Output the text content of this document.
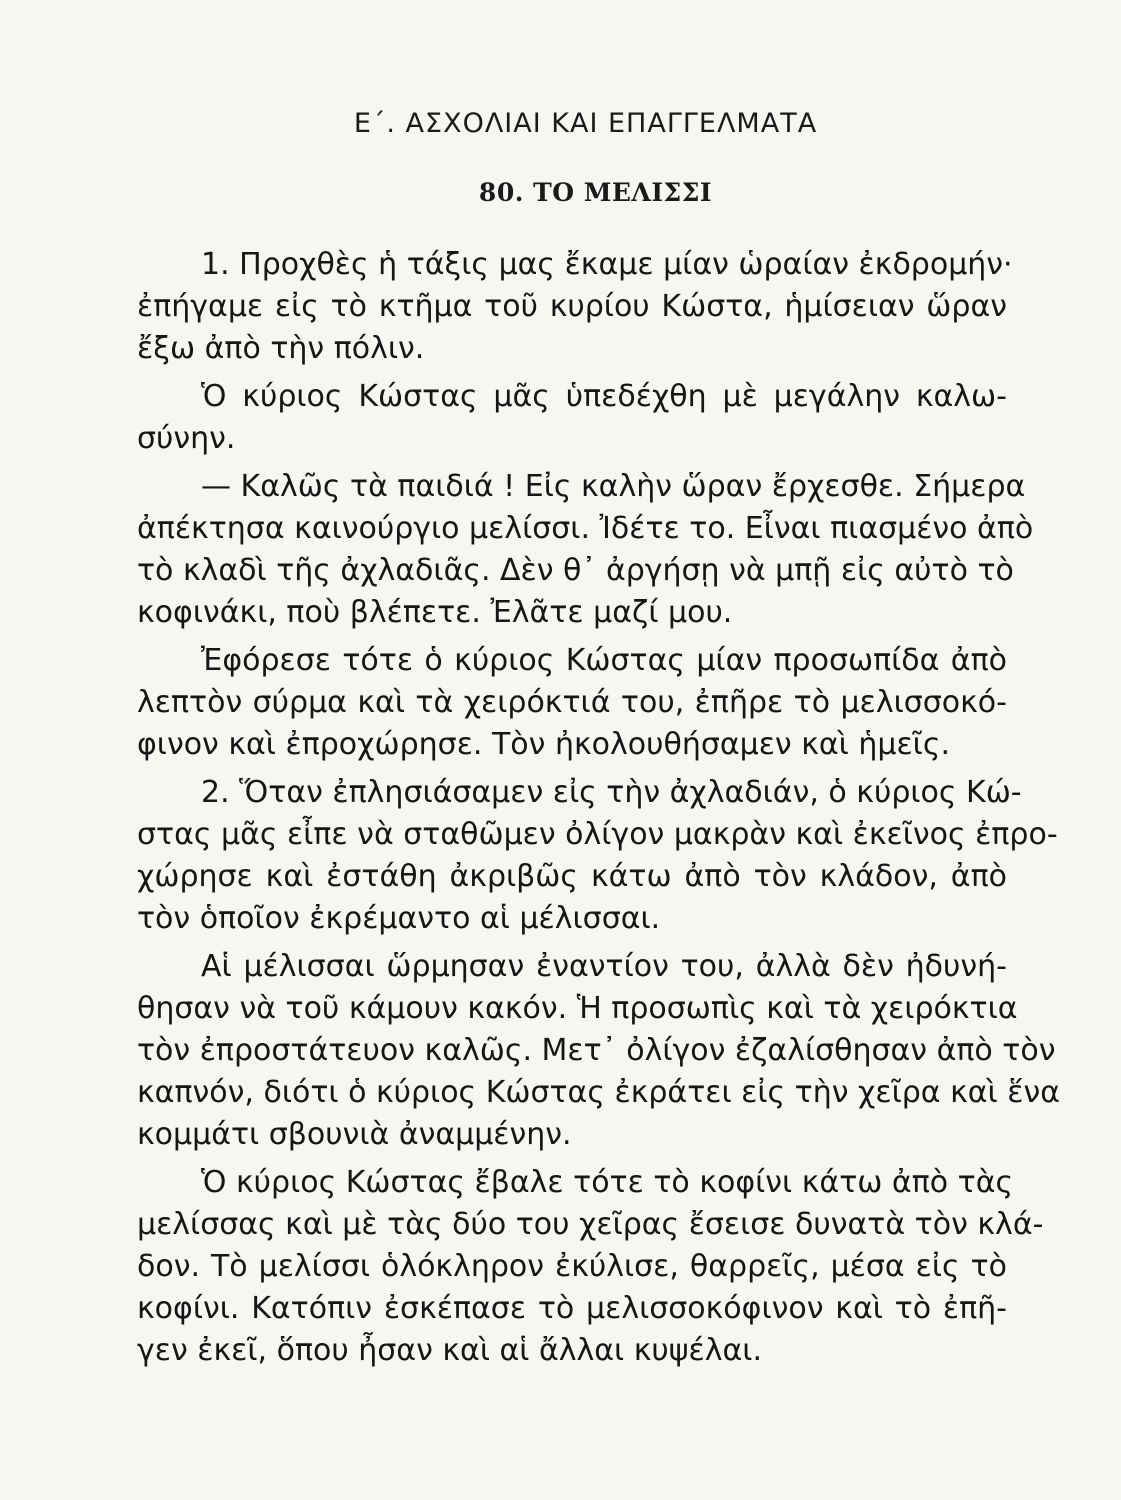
Ε΄. ΑΣΧΟΛΙΑΙ ΚΑΙ ΕΠΑΓΓΕΛΜΑΤΑ
80. ΤΟ ΜΕΛΙΣΣΙ
1. Προχθὲς ἡ τάξις μας ἔκαμε μίαν ὡραίαν ἐκδρομήν·
ἐπήγαμε εἰς τὸ κτῆμα τοῦ κυρίου Κώστα, ἡμίσειαν ὥραν
ἔξω ἀπὸ τὴν πόλιν.
Ὁ κύριος Κώστας μᾶς ὑπεδέχθη μὲ μεγάλην καλω-
σύνην.
— Καλῶς τὰ παιδιά ! Εἰς καλὴν ὥραν ἔρχεσθε. Σήμερα
ἀπέκτησα καινούργιο μελίσσι. Ἰδέτε το. Εἶναι πιασμένο ἀπὸ
τὸ κλαδὶ τῆς ἀχλαδιᾶς. Δὲν θ᾽ ἀργήσῃ νὰ μπῇ εἰς αὐτὸ τὸ
κοφινάκι, ποὺ βλέπετε. Ἐλᾶτε μαζί μου.
Ἐφόρεσε τότε ὁ κύριος Κώστας μίαν προσωπίδα ἀπὸ
λεπτὸν σύρμα καὶ τὰ χειρόκτιά του, ἐπῆρε τὸ μελισσοκό-
φινον καὶ ἐπροχώρησε. Τὸν ἠκολουθήσαμεν καὶ ἡμεῖς.
2. Ὅταν ἐπλησιάσαμεν εἰς τὴν ἀχλαδιάν, ὁ κύριος Κώ-
στας μᾶς εἶπε νὰ σταθῶμεν ὀλίγον μακρὰν καὶ ἐκεῖνος ἐπρο-
χώρησε καὶ ἐστάθη ἀκριβῶς κάτω ἀπὸ τὸν κλάδον, ἀπὸ
τὸν ὁποῖον ἐκρέμαντο αἱ μέλισσαι.
Αἱ μέλισσαι ὥρμησαν ἐναντίον του, ἀλλὰ δὲν ἠδυνή-
θησαν νὰ τοῦ κάμουν κακόν. Ἡ προσωπὶς καὶ τὰ χειρόκτια
τὸν ἐπροστάτευον καλῶς. Μετ᾽ ὀλίγον ἐζαλίσθησαν ἀπὸ τὸν
καπνόν, διότι ὁ κύριος Κώστας ἐκράτει εἰς τὴν χεῖρα καὶ ἕνα
κομμάτι σβουνιὰ ἀναμμένην.
Ὁ κύριος Κώστας ἔβαλε τότε τὸ κοφίνι κάτω ἀπὸ τὰς
μελίσσας καὶ μὲ τὰς δύο του χεῖρας ἔσεισε δυνατὰ τὸν κλά-
δον. Τὸ μελίσσι ὁλόκληρον ἐκύλισε, θαρρεῖς, μέσα εἰς τὸ
κοφίνι. Κατόπιν ἐσκέπασε τὸ μελισσοκόφινον καὶ τὸ ἐπῆ-
γεν ἐκεῖ, ὅπου ἦσαν καὶ αἱ ἄλλαι κυψέλαι.
